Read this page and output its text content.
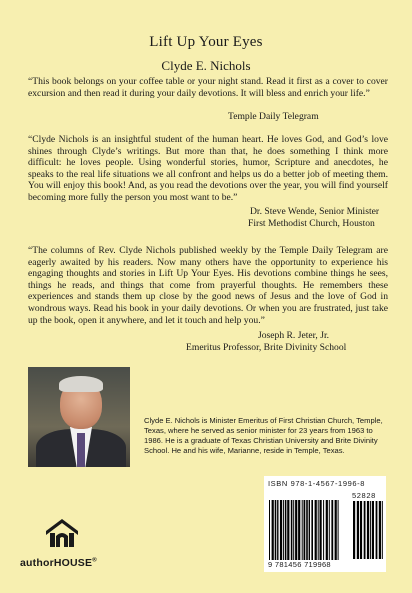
Lift Up Your Eyes
Clyde E. Nichols
“This book belongs on your coffee table or your night stand. Read it first as a cover to cover excursion and then read it during your daily devotions. It will bless and enrich your life.”
Temple Daily Telegram
“Clyde Nichols is an insightful student of the human heart. He loves God, and God’s love shines through Clyde’s writings. But more than that, he does something I think more difficult: he loves people. Using wonderful stories, humor, Scripture and anecdotes, he speaks to the real life situations we all confront and helps us do a better job of meeting them. You will enjoy this book! And, as you read the devotions over the year, you will find yourself becoming more fully the person you most want to be.”
Dr. Steve Wende, Senior Minister
First Methodist Church, Houston
“The columns of Rev. Clyde Nichols published weekly by the Temple Daily Telegram are eagerly awaited by his readers. Now many others have the opportunity to experience his engaging thoughts and stories in Lift Up Your Eyes. His devotions combine things he sees, things he reads, and things that come from prayerful thoughts. He remembers these experiences and stands them up close by the good news of Jesus and the love of God in wondrous ways. Read his book in your daily devotions. Or when you are frustrated, just take up the book, open it anywhere, and let it touch and help you.”
Joseph R. Jeter, Jr.
Emeritus Professor, Brite Divinity School
Clyde E. Nichols is Minister Emeritus of First Christian Church, Temple, Texas, where he served as senior minister for 23 years from 1963 to 1986. He is a graduate of Texas Christian University and Brite Divinity School. He and his wife, Marianne, reside in Temple, Texas.
ISBN 978-1-4567-1996-8
52828
9 781456 719968
authorHOUSE®
